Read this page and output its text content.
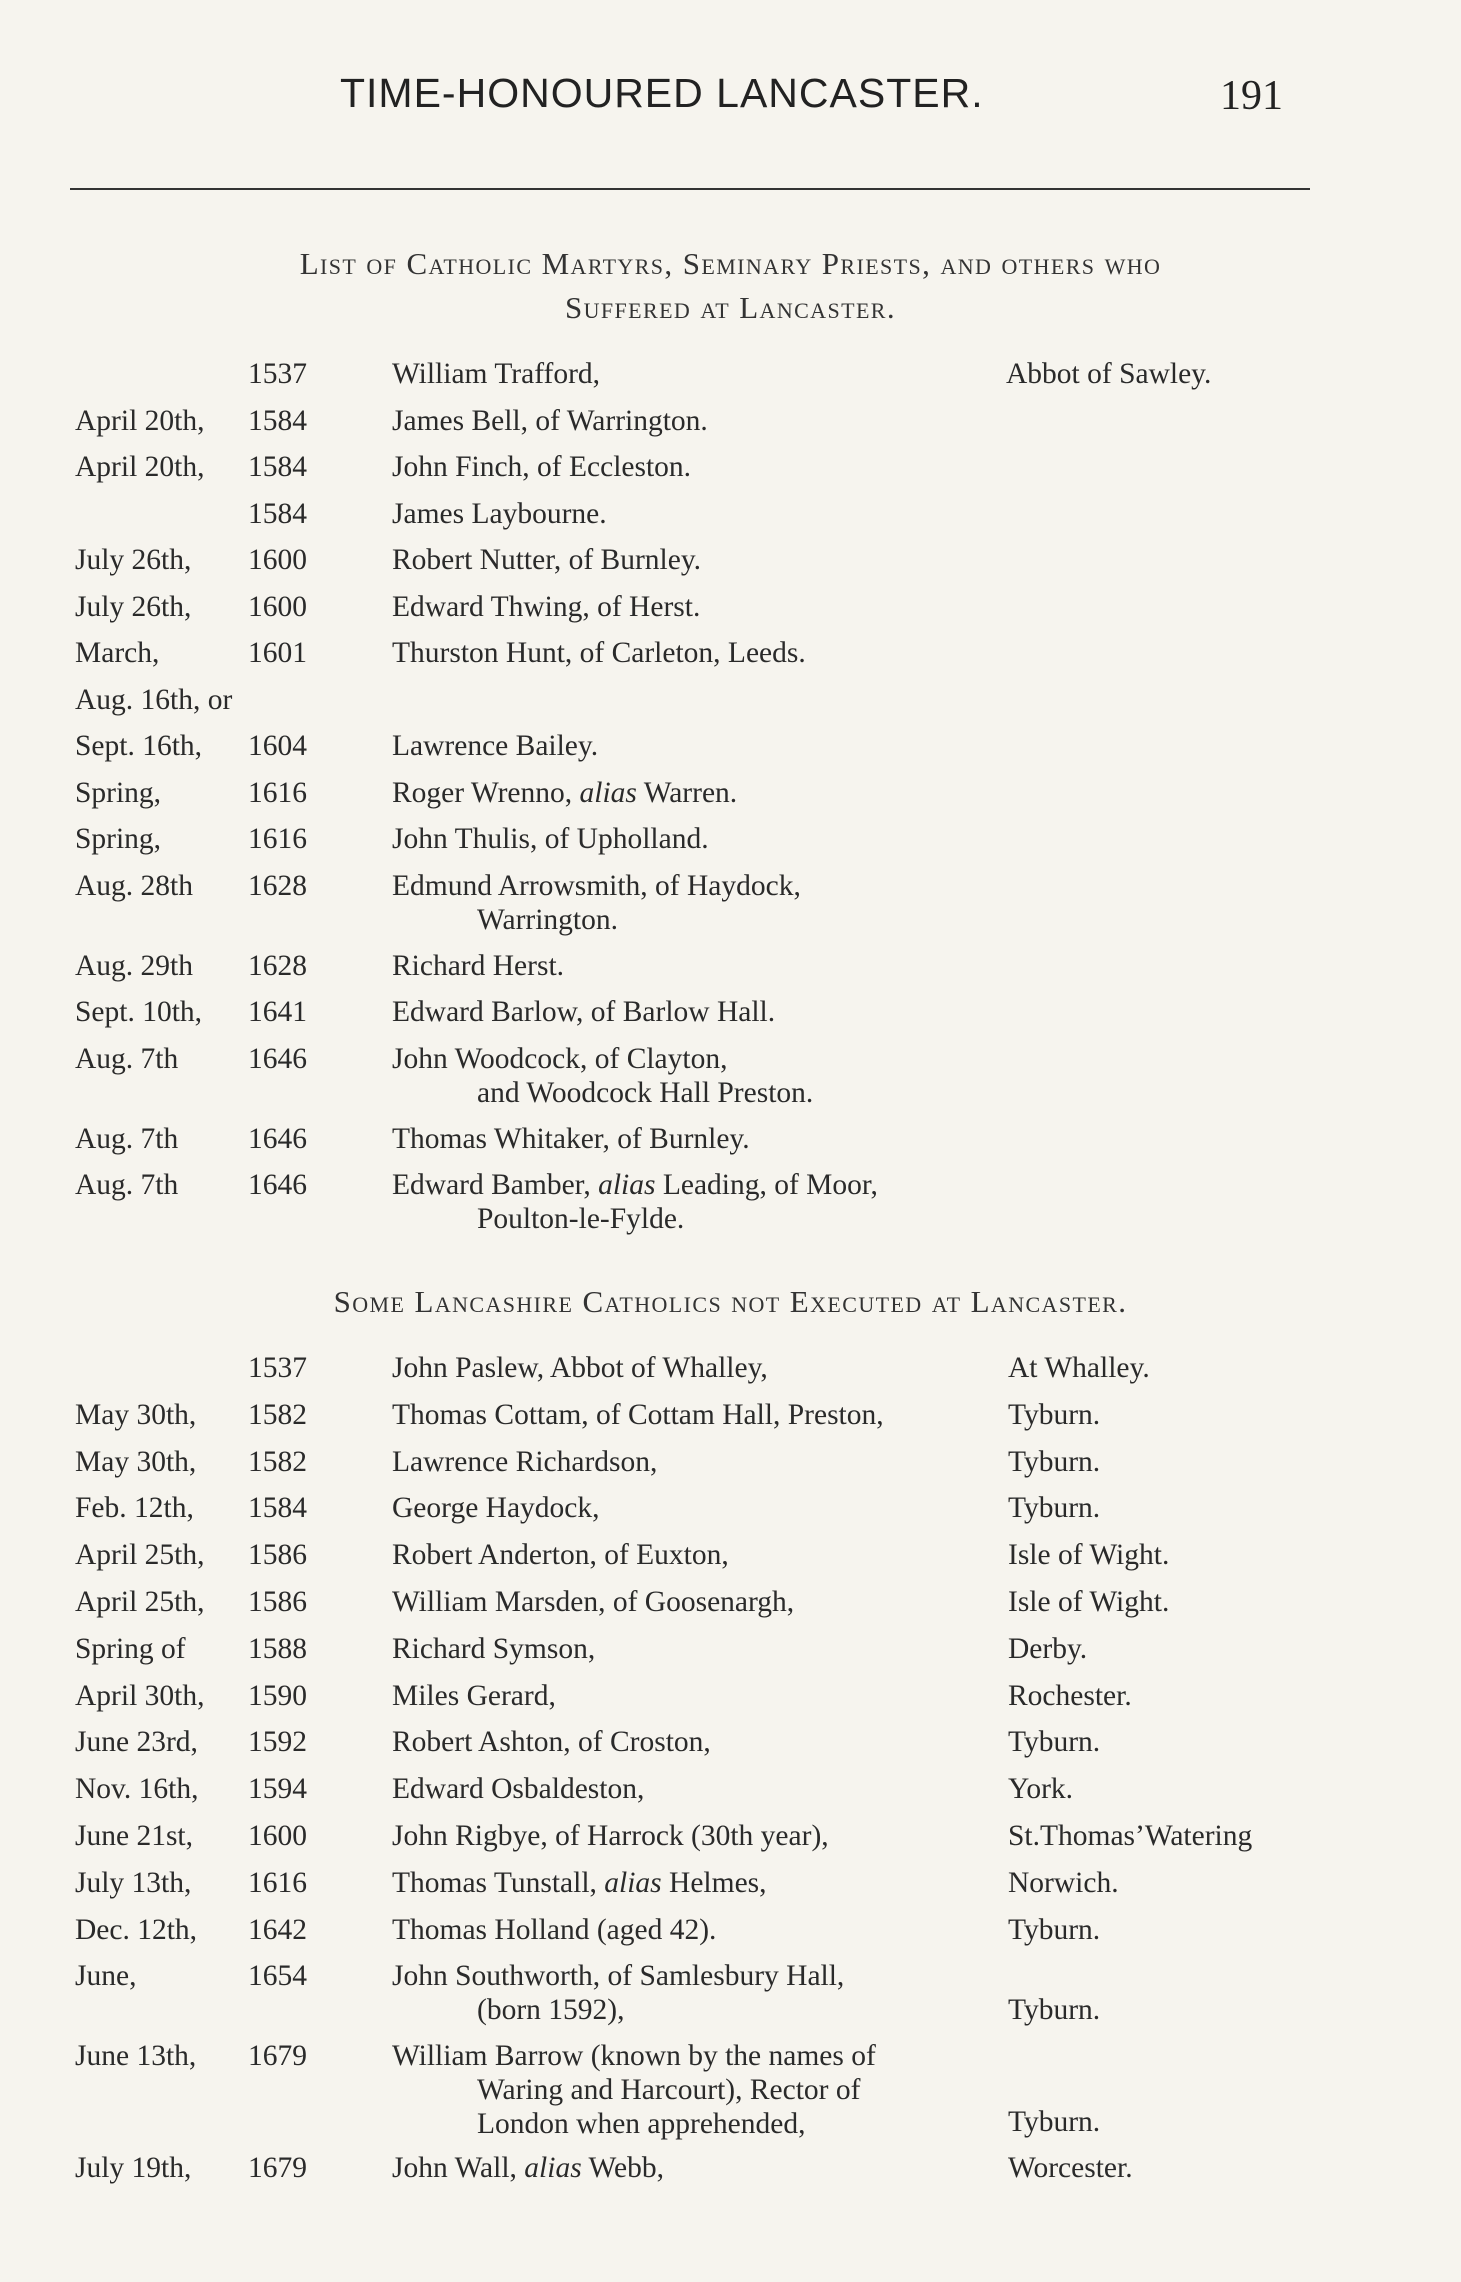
TIME-HONOURED LANCASTER.	191
List of Catholic Martyrs, Seminary Priests, and others who
Suffered at Lancaster.
1537	William Trafford,	Abbot of Sawley.
April 20th, 1584	James Bell, of Warrington.
April 20th, 1584	John Finch, of Eccleston.
1584	James Laybourne.
July 26th, 1600	Robert Nutter, of Burnley.
July 26th, 1600	Edward Thwing, of Herst.
March,	1601	Thurston Hunt, of Carleton, Leeds.
Aug. 16th, or
Sept. 16th, 1604	Lawrence Bailey.
Spring,	1616	Roger Wrenno, alias Warren.
Spring,	1616	John Thulis, of Upholland.
Aug. 28th 1628	Edmund Arrowsmith, of Haydock,
Warrington.
Aug. 29th 1628	Richard Herst.
Sept. 10th, 1641	Edward Barlow, of Barlow Hall.
Aug. 7th 1646	John Woodcock, of Clayton,
and Woodcock Hall Preston.
Aug. 7th 1646	Thomas Whitaker, of Burnley.
Aug. 7th 1646	Edward Bamber, alias Leading, of Moor,
Poulton-le-Fylde.
Some Lancashire Catholics not Executed at Lancaster.
1537	John Paslew, Abbot of Whalley,	At Whalley.
May 30th, 1582	Thomas Cottam, of Cottam Hall, Preston,	Tyburn.
May 30th, 1582	Lawrence Richardson,	Tyburn.
Feb. 12th, 1584	George Haydock,	Tyburn.
April 25th, 1586	Robert Anderton, of Euxton,	Isle of Wight.
April 25th, 1586	William Marsden, of Goosenargh,	Isle of Wight.
Spring of 1588	Richard Symson,	Derby.
April 30th, 1590	Miles Gerard,	Rochester.
June 23rd, 1592	Robert Ashton, of Croston,	Tyburn.
Nov. 16th, 1594	Edward Osbaldeston,	York.
June 21st, 1600	John Rigbye, of Harrock (30th year),	St.Thomas’Watering
July 13th, 1616	Thomas Tunstall, alias Helmes,	Norwich.
Dec. 12th, 1642	Thomas Holland (aged 42).	Tyburn.
June,	1654	John Southworth, of Samlesbury Hall,
(born 1592),	Tyburn.
June 13th, 1679	William Barrow (known by the names of
Waring and Harcourt), Rector of
London when apprehended,	Tyburn.
July 19th, 1679	John Wall, alias Webb,	Worcester.
